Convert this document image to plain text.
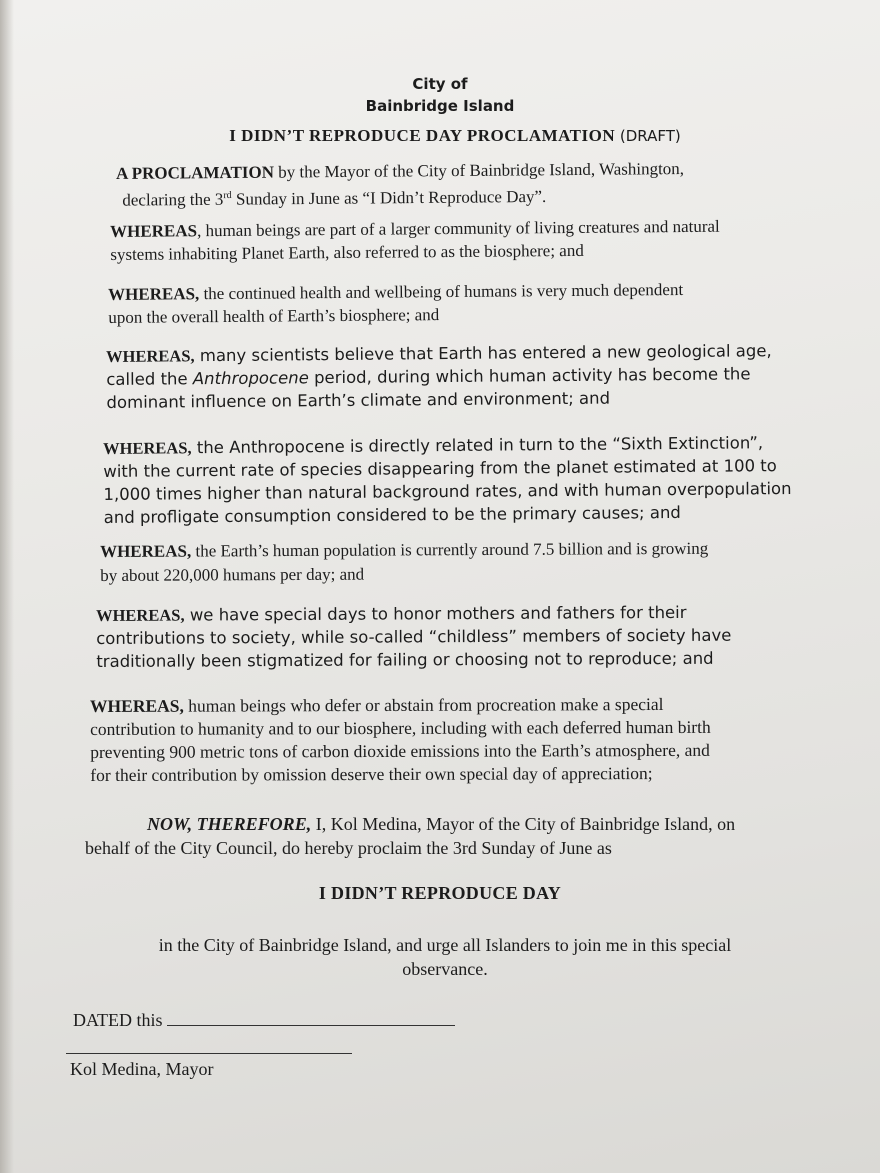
City of
Bainbridge Island
I DIDN’T REPRODUCE DAY PROCLAMATION (DRAFT)
A PROCLAMATION by the Mayor of the City of Bainbridge Island, Washington,
declaring the 3rd Sunday in June as “I Didn’t Reproduce Day”.
WHEREAS, human beings are part of a larger community of living creatures and natural
systems inhabiting Planet Earth, also referred to as the biosphere; and
WHEREAS, the continued health and wellbeing of humans is very much dependent
upon the overall health of Earth’s biosphere; and
WHEREAS, many scientists believe that Earth has entered a new geological age,
called the Anthropocene period, during which human activity has become the
dominant influence on Earth’s climate and environment; and
WHEREAS, the Anthropocene is directly related in turn to the “Sixth Extinction”,
with the current rate of species disappearing from the planet estimated at 100 to
1,000 times higher than natural background rates, and with human overpopulation
and profligate consumption considered to be the primary causes; and
WHEREAS, the Earth’s human population is currently around 7.5 billion and is growing
by about 220,000 humans per day; and
WHEREAS, we have special days to honor mothers and fathers for their
contributions to society, while so-called “childless” members of society have
traditionally been stigmatized for failing or choosing not to reproduce; and
WHEREAS, human beings who defer or abstain from procreation make a special
contribution to humanity and to our biosphere, including with each deferred human birth
preventing 900 metric tons of carbon dioxide emissions into the Earth’s atmosphere, and
for their contribution by omission deserve their own special day of appreciation;
NOW, THEREFORE, I, Kol Medina, Mayor of the City of Bainbridge Island, on
behalf of the City Council, do hereby proclaim the 3rd Sunday of June as
I DIDN’T REPRODUCE DAY
in the City of Bainbridge Island, and urge all Islanders to join me in this special
observance.
DATED this
Kol Medina, Mayor
